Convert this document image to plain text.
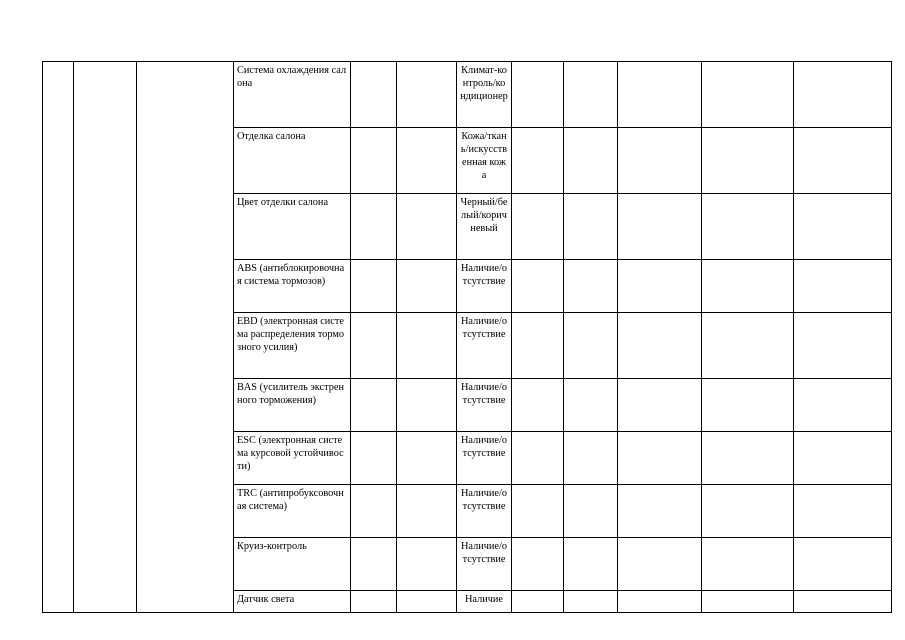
			Система охлаждения салона			Климат-контроль/кондиционер					
			Отделка салона			Кожа/ткань/искусственная кожа					
			Цвет отделки салона			Черный/белый/коричневый					
			ABS (антиблокировочная система тормозов)			Наличие/отсутствие					
			EBD (электронная система распределения тормозного усилия)			Наличие/отсутствие					
			BAS (усилитель экстренного торможения)			Наличие/отсутствие					
			ESC (электронная система курсовой устойчивости)			Наличие/отсутствие					
			TRC (антипробуксовочная система)			Наличие/отсутствие					
			Круиз-контроль			Наличие/отсутствие					
			Датчик света			Наличие					
